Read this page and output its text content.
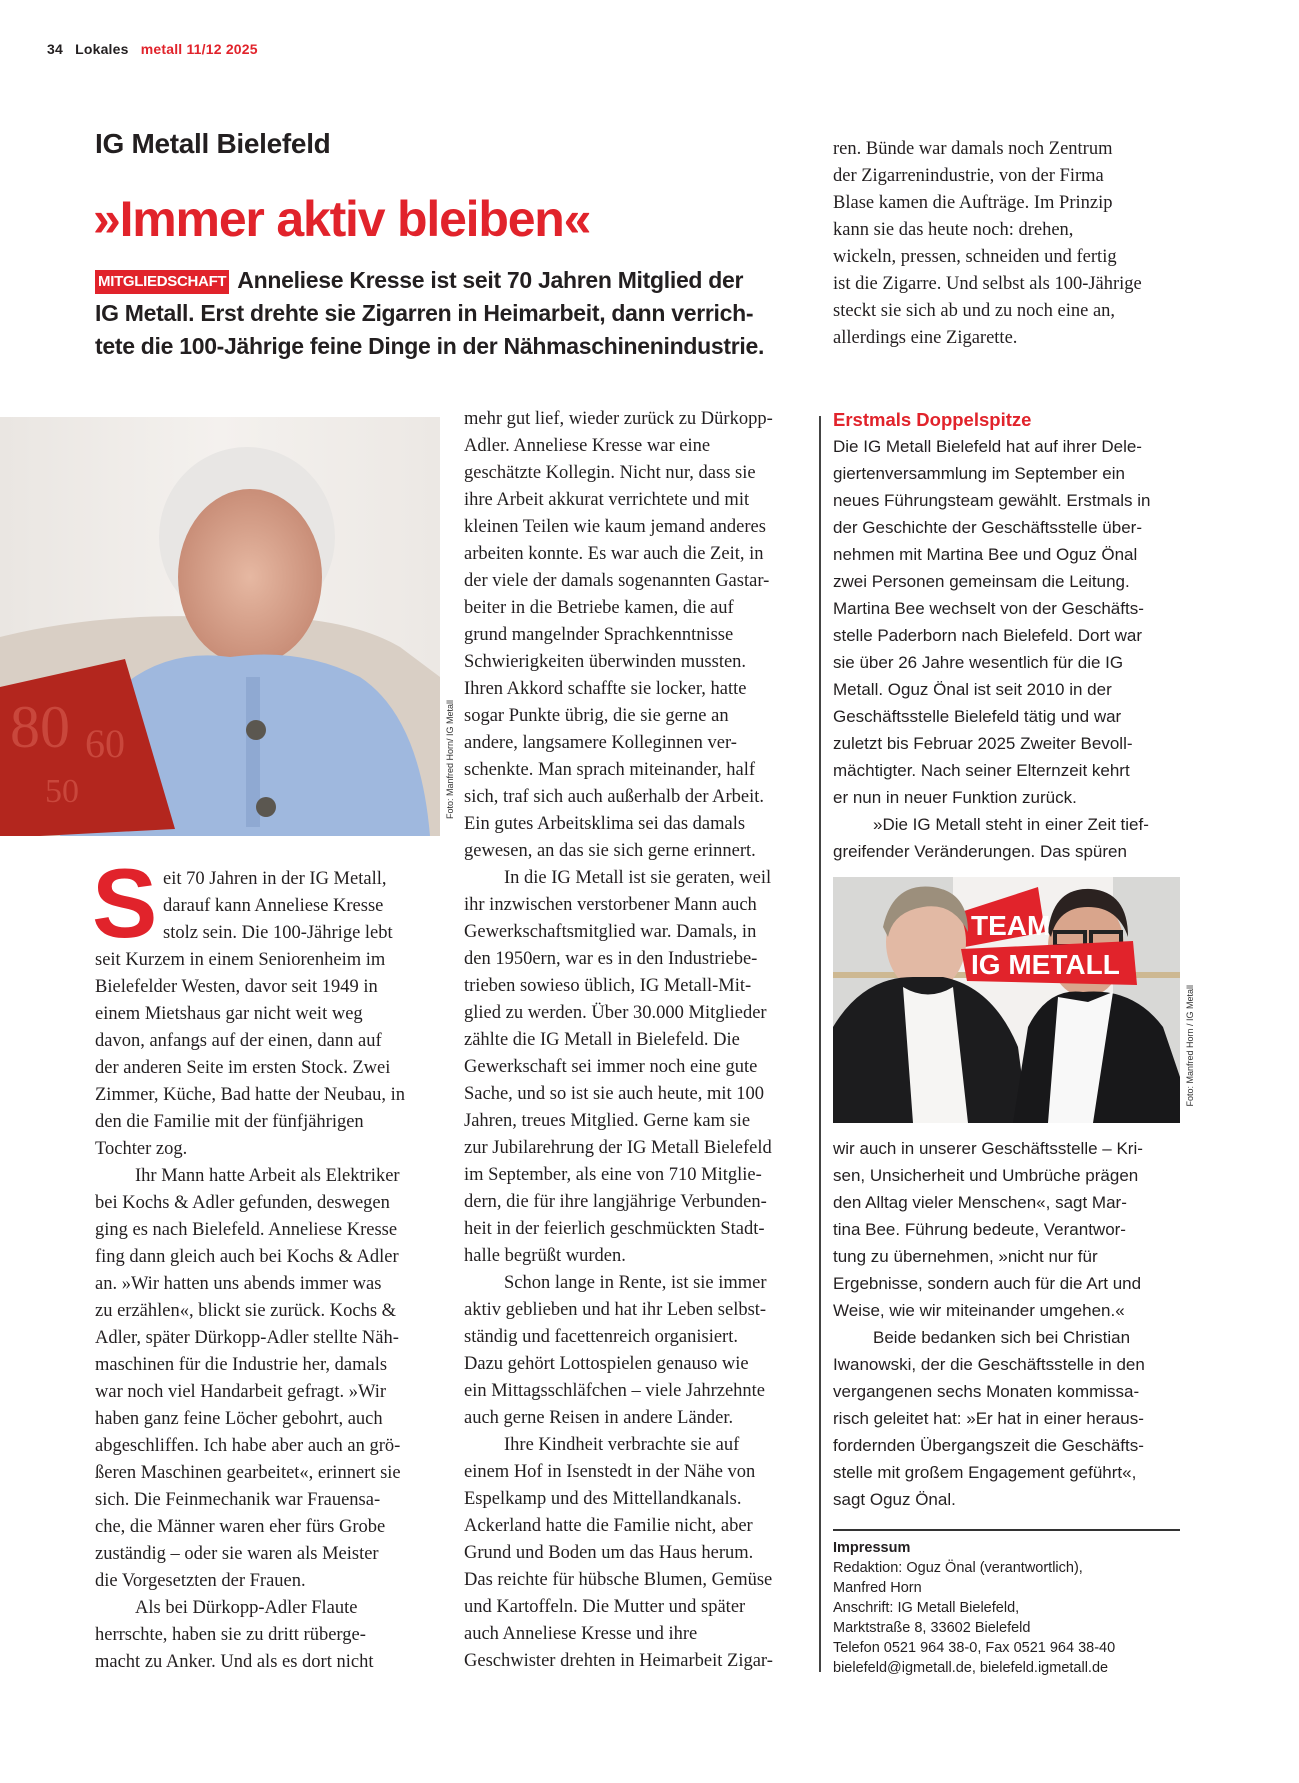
34 Lokales metall 11/12 2025
IG Metall Bielefeld
»Immer aktiv bleiben«
MITGLIEDSCHAFT Anneliese Kresse ist seit 70 Jahren Mitglied der
IG Metall. Erst drehte sie Zigarren in Heimarbeit, dann verrich-
tete die 100-Jährige feine Dinge in der Nähmaschinenindustrie.
80 60
50	Foto: Manfred Horn/ IG Metall
S eit 70 Jahren in der IG Metall,
darauf kann Anneliese Kresse
stolz sein. Die 100-Jährige lebt
seit Kurzem in einem Seniorenheim im
Bielefelder Westen, davor seit 1949 in
einem Mietshaus gar nicht weit weg
davon, anfangs auf der einen, dann auf
der anderen Seite im ersten Stock. Zwei
Zimmer, Küche, Bad hatte der Neubau, in
den die Familie mit der fünfjährigen
Tochter zog.
Ihr Mann hatte Arbeit als Elektriker
bei Kochs & Adler gefunden, deswegen
ging es nach Bielefeld. Anneliese Kresse
fing dann gleich auch bei Kochs & Adler
an. »Wir hatten uns abends immer was
zu erzählen«, blickt sie zurück. Kochs &
Adler, später Dürkopp-Adler stellte Näh-
maschinen für die Industrie her, damals
war noch viel Handarbeit gefragt. »Wir
haben ganz feine Löcher gebohrt, auch
abgeschliffen. Ich habe aber auch an grö-
ßeren Maschinen gearbeitet«, erinnert sie
sich. Die Feinmechanik war Frauensa-
che, die Männer waren eher fürs Grobe
zuständig – oder sie waren als Meister
die Vorgesetzten der Frauen.
Als bei Dürkopp-Adler Flaute
herrschte, haben sie zu dritt rüberge-
macht zu Anker. Und als es dort nicht
mehr gut lief, wieder zurück zu Dürkopp-
Adler. Anneliese Kresse war eine
geschätzte Kollegin. Nicht nur, dass sie
ihre Arbeit akkurat verrichtete und mit
kleinen Teilen wie kaum jemand anderes
arbeiten konnte. Es war auch die Zeit, in
der viele der damals sogenannten Gastar-
beiter in die Betriebe kamen, die auf
grund mangelnder Sprachkenntnisse
Schwierigkeiten überwinden mussten.
Ihren Akkord schaffte sie locker, hatte
sogar Punkte übrig, die sie gerne an
andere, langsamere Kolleginnen ver-
schenkte. Man sprach miteinander, half
sich, traf sich auch außerhalb der Arbeit.
Ein gutes Arbeitsklima sei das damals
gewesen, an das sie sich gerne erinnert.
In die IG Metall ist sie geraten, weil
ihr inzwischen verstorbener Mann auch
Gewerkschaftsmitglied war. Damals, in
den 1950ern, war es in den Industriebe-
trieben sowieso üblich, IG Metall-Mit-
glied zu werden. Über 30.000 Mitglieder
zählte die IG Metall in Bielefeld. Die
Gewerkschaft sei immer noch eine gute
Sache, und so ist sie auch heute, mit 100
Jahren, treues Mitglied. Gerne kam sie
zur Jubilarehrung der IG Metall Bielefeld
im September, als eine von 710 Mitglie-
dern, die für ihre langjährige Verbunden-
heit in der feierlich geschmückten Stadt-
halle begrüßt wurden.
Schon lange in Rente, ist sie immer
aktiv geblieben und hat ihr Leben selbst-
ständig und facettenreich organisiert.
Dazu gehört Lottospielen genauso wie
ein Mittagsschläfchen – viele Jahrzehnte
auch gerne Reisen in andere Länder.
Ihre Kindheit verbrachte sie auf
einem Hof in Isenstedt in der Nähe von
Espelkamp und des Mittellandkanals.
Ackerland hatte die Familie nicht, aber
Grund und Boden um das Haus herum.
Das reichte für hübsche Blumen, Gemüse
und Kartoffeln. Die Mutter und später
auch Anneliese Kresse und ihre
Geschwister drehten in Heimarbeit Zigar-
ren. Bünde war damals noch Zentrum
der Zigarrenindustrie, von der Firma
Blase kamen die Aufträge. Im Prinzip
kann sie das heute noch: drehen,
wickeln, pressen, schneiden und fertig
ist die Zigarre. Und selbst als 100-Jährige
steckt sie sich ab und zu noch eine an,
allerdings eine Zigarette.
Erstmals Doppelspitze
Die IG Metall Bielefeld hat auf ihrer Dele-
giertenversammlung im September ein
neues Führungsteam gewählt. Erstmals in
der Geschichte der Geschäftsstelle über-
nehmen mit Martina Bee und Oguz Önal
zwei Personen gemeinsam die Leitung.
Martina Bee wechselt von der Geschäfts-
stelle Paderborn nach Bielefeld. Dort war
sie über 26 Jahre wesentlich für die IG
Metall. Oguz Önal ist seit 2010 in der
Geschäftsstelle Bielefeld tätig und war
zuletzt bis Februar 2025 Zweiter Bevoll-
mächtigter. Nach seiner Elternzeit kehrt
er nun in neuer Funktion zurück.
»Die IG Metall steht in einer Zeit tief-
greifender Veränderungen. Das spüren
TEAM
IG METALL
Foto: Manfred Horn / IG Metall
wir auch in unserer Geschäftsstelle – Kri-
sen, Unsicherheit und Umbrüche prägen
den Alltag vieler Menschen«, sagt Mar-
tina Bee. Führung bedeute, Verantwor-
tung zu übernehmen, »nicht nur für
Ergebnisse, sondern auch für die Art und
Weise, wie wir miteinander umgehen.«
Beide bedanken sich bei Christian
Iwanowski, der die Geschäftsstelle in den
vergangenen sechs Monaten kommissa-
risch geleitet hat: »Er hat in einer heraus-
fordernden Übergangszeit die Geschäfts-
stelle mit großem Engagement geführt«,
sagt Oguz Önal.
Impressum
Redaktion: Oguz Önal (verantwortlich),
Manfred Horn
Anschrift: IG Metall Bielefeld,
Marktstraße 8, 33602 Bielefeld
Telefon 0521 964 38-0, Fax 0521 964 38-40
bielefeld@igmetall.de, bielefeld.igmetall.de
